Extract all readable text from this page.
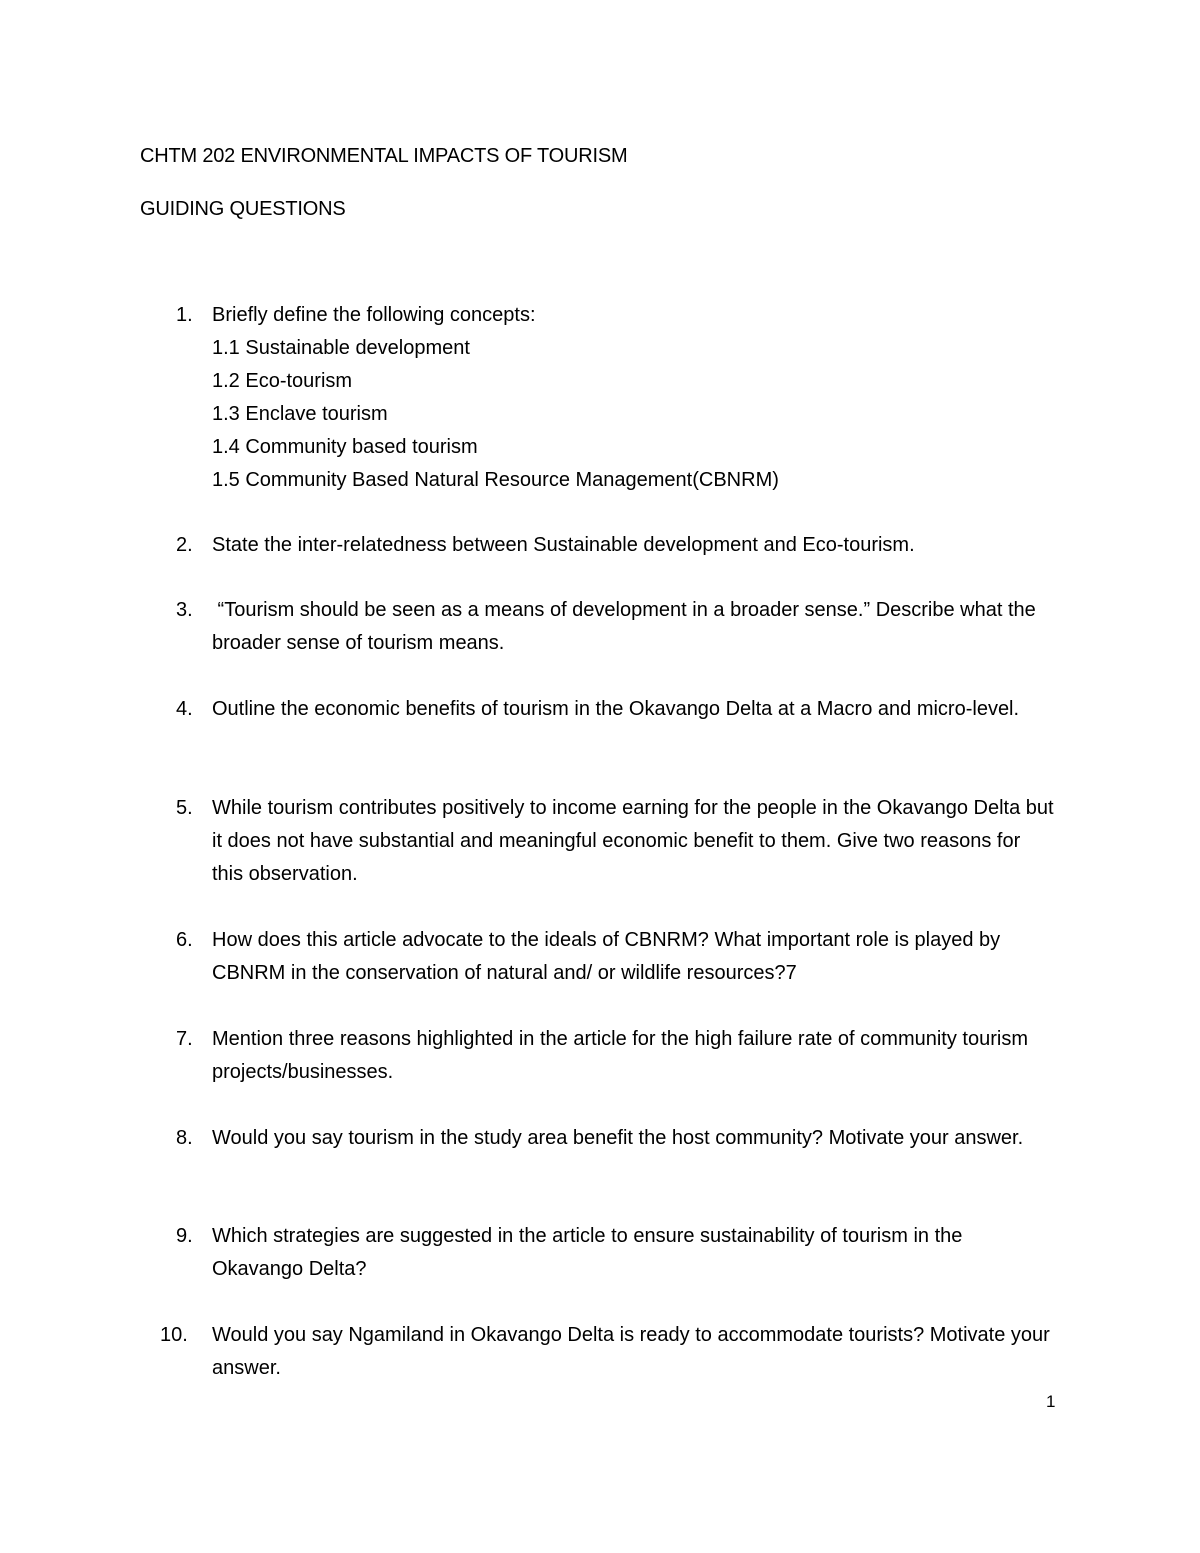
CHTM 202 ENVIRONMENTAL IMPACTS OF TOURISM
GUIDING QUESTIONS
1. Briefly define the following concepts:
1.1 Sustainable development
1.2 Eco-tourism
1.3 Enclave tourism
1.4 Community based tourism
1.5 Community Based Natural Resource Management(CBNRM)
2. State the inter-relatedness between Sustainable development and Eco-tourism.
3. “Tourism should be seen as a means of development in a broader sense.” Describe what the broader sense of tourism means.
4. Outline the economic benefits of tourism in the Okavango Delta at a Macro and micro-level.
5. While tourism contributes positively to income earning for the people in the Okavango Delta but it does not have substantial and meaningful economic benefit to them. Give two reasons for this observation.
6. How does this article advocate to the ideals of CBNRM? What important role is played by CBNRM in the conservation of natural and/ or wildlife resources?7
7. Mention three reasons highlighted in the article for the high failure rate of community tourism projects/businesses.
8. Would you say tourism in the study area benefit the host community? Motivate your answer.
9. Which strategies are suggested in the article to ensure sustainability of tourism in the Okavango Delta?
10.	Would you say Ngamiland in Okavango Delta is ready to accommodate tourists? Motivate your answer.
1
